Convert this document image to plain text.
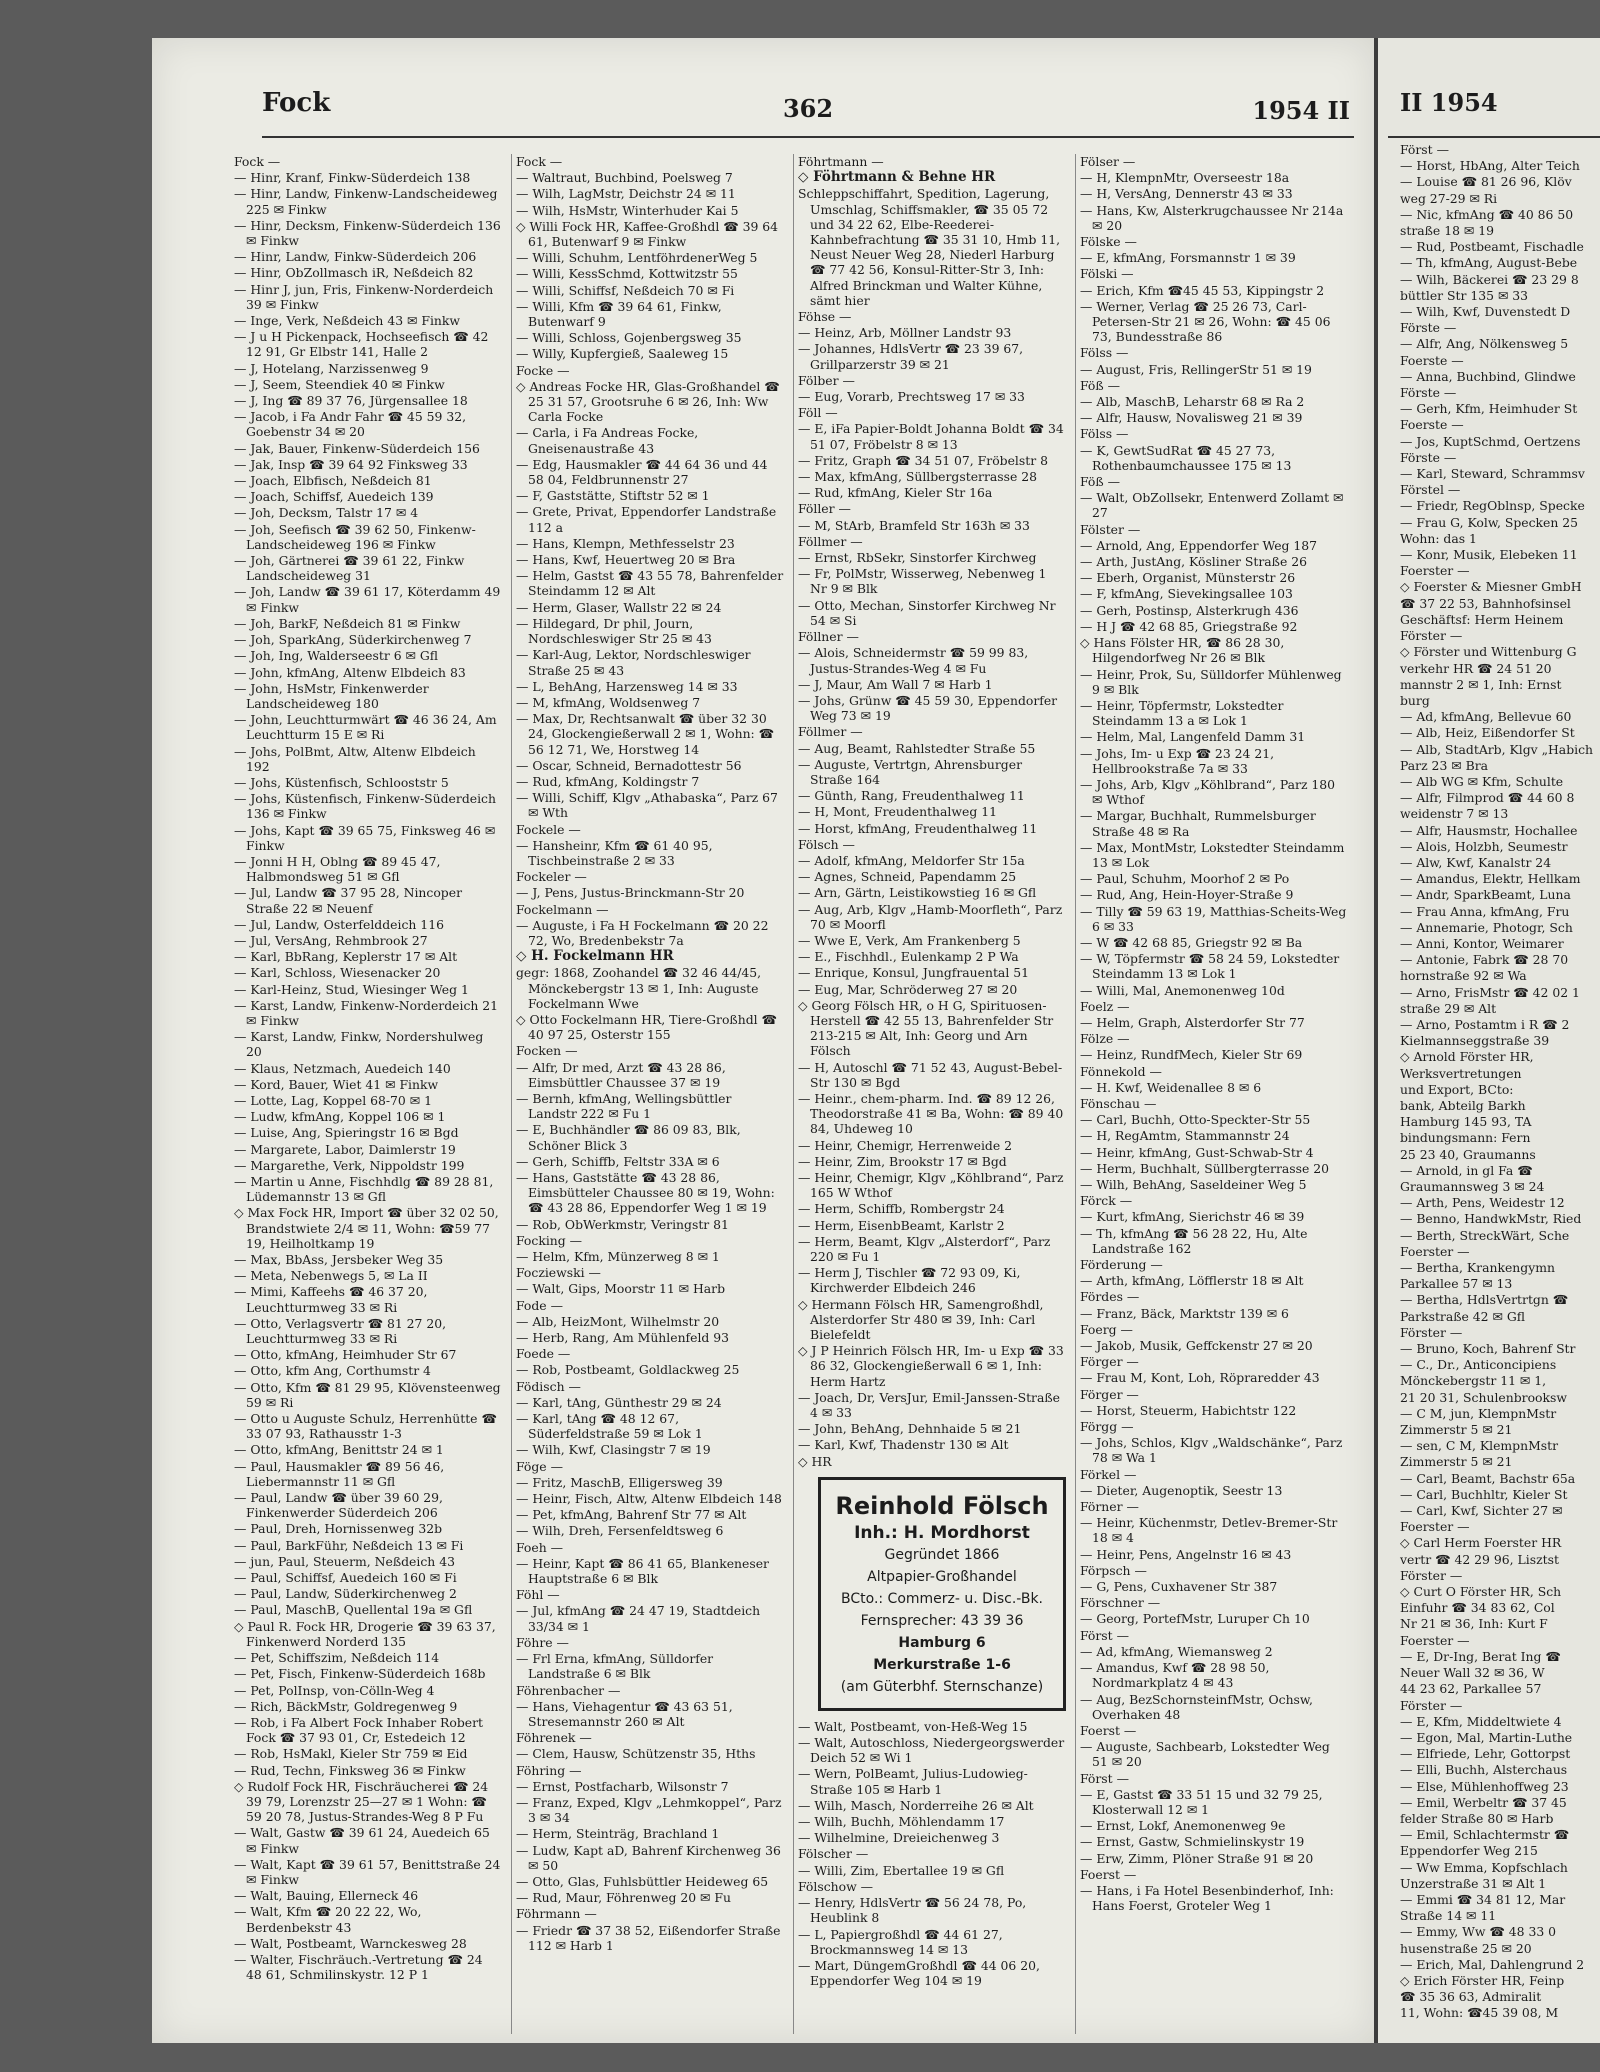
Fock	362	1954 II

Fock —

— Hinr, Kranf, Finkw-Süderdeich 138

— Hinr, Landw, Finkenw-Landscheideweg 225 ✉ Finkw

— Hinr, Decksm, Finkenw-Süderdeich 136 ✉ Finkw

— Hinr, Landw, Finkw-Süderdeich 206

— Hinr, ObZollmasch iR, Neßdeich 82

— Hinr J, jun, Fris, Finkenw-Norderdeich 39 ✉ Finkw

— Inge, Verk, Neßdeich 43 ✉ Finkw

— J u H Pickenpack, Hochseefisch ☎ 42 12 91, Gr Elbstr 141, Halle 2

— J, Hotelang, Narzissenweg 9

— J, Seem, Steendiek 40 ✉ Finkw

— J, Ing ☎ 89 37 76, Jürgensallee 18

— Jacob, i Fa Andr Fahr ☎ 45 59 32, Goebenstr 34 ✉ 20

— Jak, Bauer, Finkenw-Süderdeich 156

— Jak, Insp ☎ 39 64 92 Finksweg 33

— Joach, Elbfisch, Neßdeich 81

— Joach, Schiffsf, Auedeich 139

— Joh, Decksm, Talstr 17 ✉ 4

— Joh, Seefisch ☎ 39 62 50, Finkenw-Landscheideweg 196 ✉ Finkw

— Joh, Gärtnerei ☎ 39 61 22, Finkw Landscheideweg 31

— Joh, Landw ☎ 39 61 17, Köterdamm 49 ✉ Finkw

— Joh, BarkF, Neßdeich 81 ✉ Finkw

— Joh, SparkAng, Süderkirchenweg 7

— Joh, Ing, Walderseestr 6 ✉ Gfl

— John, kfmAng, Altenw Elbdeich 83

— John, HsMstr, Finkenwerder Landscheideweg 180

— John, Leuchtturmwärt ☎ 46 36 24, Am Leuchtturm 15 E ✉ Ri

— Johs, PolBmt, Altw, Altenw Elbdeich 192

— Johs, Küstenfisch, Schlooststr 5

— Johs, Küstenfisch, Finkenw-Süderdeich 136 ✉ Finkw

— Johs, Kapt ☎ 39 65 75, Finksweg 46 ✉ Finkw

— Jonni H H, Oblng ☎ 89 45 47, Halbmondsweg 51 ✉ Gfl

— Jul, Landw ☎ 37 95 28, Nincoper Straße 22 ✉ Neuenf

— Jul, Landw, Osterfelddeich 116

— Jul, VersAng, Rehmbrook 27

— Karl, BbRang, Keplerstr 17 ✉ Alt

— Karl, Schloss, Wiesenacker 20

— Karl-Heinz, Stud, Wiesinger Weg 1

— Karst, Landw, Finkenw-Norderdeich 21 ✉ Finkw

— Karst, Landw, Finkw, Nordershulweg 20

— Klaus, Netzmach, Auedeich 140

— Kord, Bauer, Wiet 41 ✉ Finkw

— Lotte, Lag, Koppel 68-70 ✉ 1

— Ludw, kfmAng, Koppel 106 ✉ 1

— Luise, Ang, Spieringstr 16 ✉ Bgd

— Margarete, Labor, Daimlerstr 19

— Margarethe, Verk, Nippoldstr 199

— Martin u Anne, Fischhdlg ☎ 89 28 81, Lüdemannstr 13 ✉ Gfl

◇ Max Fock HR, Import ☎ über 32 02 50, Brandstwiete 2/4 ✉ 11, Wohn: ☎59 77 19, Heilholtkamp 19

— Max, BbAss, Jersbeker Weg 35

— Meta, Nebenwegs 5, ✉ La II

— Mimi, Kaffeehs ☎ 46 37 20, Leuchtturmweg 33 ✉ Ri

— Otto, Verlagsvertr ☎ 81 27 20, Leuchtturmweg 33 ✉ Ri

— Otto, kfmAng, Heimhuder Str 67

— Otto, kfm Ang, Corthumstr 4

— Otto, Kfm ☎ 81 29 95, Klövensteenweg 59 ✉ Ri

— Otto u Auguste Schulz, Herrenhütte ☎ 33 07 93, Rathausstr 1-3

— Otto, kfmAng, Benittstr 24 ✉ 1

— Paul, Hausmakler ☎ 89 56 46, Liebermannstr 11 ✉ Gfl

— Paul, Landw ☎ über 39 60 29, Finkenwerder Süderdeich 206

— Paul, Dreh, Hornissenweg 32b

— Paul, BarkFühr, Neßdeich 13 ✉ Fi

— jun, Paul, Steuerm, Neßdeich 43

— Paul, Schiffsf, Auedeich 160 ✉ Fi

— Paul, Landw, Süderkirchenweg 2

— Paul, MaschB, Quellental 19a ✉ Gfl

◇ Paul R. Fock HR, Drogerie ☎ 39 63 37, Finkenwerd Norderd 135

— Pet, Schiffszim, Neßdeich 114

— Pet, Fisch, Finkenw-Süderdeich 168b

— Pet, PolInsp, von-Cölln-Weg 4

— Rich, BäckMstr, Goldregenweg 9

— Rob, i Fa Albert Fock Inhaber Robert Fock ☎ 37 93 01, Cr, Estedeich 12

— Rob, HsMakl, Kieler Str 759 ✉ Eid

— Rud, Techn, Finksweg 36 ✉ Finkw

◇ Rudolf Fock HR, Fischräucherei ☎ 24 39 79, Lorenzstr 25—27 ✉ 1 Wohn: ☎ 59 20 78, Justus-Strandes-Weg 8 P Fu

— Walt, Gastw ☎ 39 61 24, Auedeich 65 ✉ Finkw

— Walt, Kapt ☎ 39 61 57, Benittstraße 24 ✉ Finkw

— Walt, Bauing, Ellerneck 46

— Walt, Kfm ☎ 20 22 22, Wo, Berdenbekstr 43

— Walt, Postbeamt, Warnckesweg 28

— Walter, Fischräuch.-Vertretung ☎ 24 48 61, Schmilinskystr. 12 P 1

Fock —

— Waltraut, Buchbind, Poelsweg 7

— Wilh, LagMstr, Deichstr 24 ✉ 11

— Wilh, HsMstr, Winterhuder Kai 5

◇ Willi Fock HR, Kaffee-Großhdl ☎ 39 64 61, Butenwarf 9 ✉ Finkw

— Willi, Schuhm, LentföhrdenerWeg 5

— Willi, KessSchmd, Kottwitzstr 55

— Willi, Schiffsf, Neßdeich 70 ✉ Fi

— Willi, Kfm ☎ 39 64 61, Finkw, Butenwarf 9

— Willi, Schloss, Gojenbergsweg 35

— Willy, Kupfergieß, Saaleweg 15

Focke —

◇ Andreas Focke HR, Glas-Großhandel ☎ 25 31 57, Grootsruhe 6 ✉ 26, Inh: Ww Carla Focke

— Carla, i Fa Andreas Focke, Gneisenaustraße 43

— Edg, Hausmakler ☎ 44 64 36 und 44 58 04, Feldbrunnenstr 27

— F, Gaststätte, Stiftstr 52 ✉ 1

— Grete, Privat, Eppendorfer Landstraße 112 a

— Hans, Klempn, Methfesselstr 23

— Hans, Kwf, Heuertweg 20 ✉ Bra

— Helm, Gastst ☎ 43 55 78, Bahrenfelder Steindamm 12 ✉ Alt

— Herm, Glaser, Wallstr 22 ✉ 24

— Hildegard, Dr phil, Journ, Nordschleswiger Str 25 ✉ 43

— Karl-Aug, Lektor, Nordschleswiger Straße 25 ✉ 43

— L, BehAng, Harzensweg 14 ✉ 33

— M, kfmAng, Woldsenweg 7

— Max, Dr, Rechtsanwalt ☎ über 32 30 24, Glockengießerwall 2 ✉ 1, Wohn: ☎ 56 12 71, We, Horstweg 14

— Oscar, Schneid, Bernadottestr 56

— Rud, kfmAng, Koldingstr 7

— Willi, Schiff, Klgv „Athabaska“, Parz 67 ✉ Wth

Fockele —

— Hansheinr, Kfm ☎ 61 40 95, Tischbeinstraße 2 ✉ 33

Fockeler —

— J, Pens, Justus-Brinckmann-Str 20

Fockelmann —

— Auguste, i Fa H Fockelmann ☎ 20 22 72, Wo, Bredenbekstr 7a

◇ H. Fockelmann HR

gegr: 1868, Zoohandel ☎ 32 46 44/45, Mönckebergstr 13 ✉ 1, Inh: Auguste Fockelmann Wwe

◇ Otto Fockelmann HR, Tiere-Großhdl ☎ 40 97 25, Osterstr 155

Focken —

— Alfr, Dr med, Arzt ☎ 43 28 86, Eimsbüttler Chaussee 37 ✉ 19

— Bernh, kfmAng, Wellingsbüttler Landstr 222 ✉ Fu 1

— E, Buchhändler ☎ 86 09 83, Blk, Schöner Blick 3

— Gerh, Schiffb, Feltstr 33A ✉ 6

— Hans, Gaststätte ☎ 43 28 86, Eimsbütteler Chaussee 80 ✉ 19, Wohn: ☎ 43 28 86, Eppendorfer Weg 1 ✉ 19

— Rob, ObWerkmstr, Veringstr 81

Focking —

— Helm, Kfm, Münzerweg 8 ✉ 1

Focziewski —

— Walt, Gips, Moorstr 11 ✉ Harb

Fode —

— Alb, HeizMont, Wilhelmstr 20

— Herb, Rang, Am Mühlenfeld 93

Foede —

— Rob, Postbeamt, Goldlackweg 25

Födisch —

— Karl, tAng, Günthestr 29 ✉ 24

— Karl, tAng ☎ 48 12 67, Süderfeldstraße 59 ✉ Lok 1

— Wilh, Kwf, Clasingstr 7 ✉ 19

Föge —

— Fritz, MaschB, Elligersweg 39

— Heinr, Fisch, Altw, Altenw Elbdeich 148

— Pet, kfmAng, Bahrenf Str 77 ✉ Alt

— Wilh, Dreh, Fersenfeldtsweg 6

Foeh —

— Heinr, Kapt ☎ 86 41 65, Blankeneser Hauptstraße 6 ✉ Blk

Föhl —

— Jul, kfmAng ☎ 24 47 19, Stadtdeich 33/34 ✉ 1

Föhre —

— Frl Erna, kfmAng, Sülldorfer Landstraße 6 ✉ Blk

Föhrenbacher —

— Hans, Viehagentur ☎ 43 63 51, Stresemannstr 260 ✉ Alt

Föhrenek —

— Clem, Hausw, Schützenstr 35, Hths

Föhring —

— Ernst, Postfacharb, Wilsonstr 7

— Franz, Exped, Klgv „Lehmkoppel“, Parz 3 ✉ 34

— Herm, Steinträg, Brachland 1

— Ludw, Kapt aD, Bahrenf Kirchenweg 36 ✉ 50

— Otto, Glas, Fuhlsbüttler Heideweg 65

— Rud, Maur, Föhrenweg 20 ✉ Fu

Föhrmann —

— Friedr ☎ 37 38 52, Eißendorfer Straße 112 ✉ Harb 1

Föhrtmann —

◇ Föhrtmann & Behne HR

Schleppschiffahrt, Spedition, Lagerung, Umschlag, Schiffsmakler, ☎ 35 05 72 und 34 22 62, Elbe-Reederei-Kahnbefrachtung ☎ 35 31 10, Hmb 11, Neust Neuer Weg 28, Niederl Harburg ☎ 77 42 56, Konsul-Ritter-Str 3, Inh: Alfred Brinckman und Walter Kühne, sämt hier

Föhse —

— Heinz, Arb, Möllner Landstr 93

— Johannes, HdlsVertr ☎ 23 39 67, Grillparzerstr 39 ✉ 21

Fölber —

— Eug, Vorarb, Prechtsweg 17 ✉ 33

Föll —

— E, iFa Papier-Boldt Johanna Boldt ☎ 34 51 07, Fröbelstr 8 ✉ 13

— Fritz, Graph ☎ 34 51 07, Fröbelstr 8

— Max, kfmAng, Süllbergsterrasse 28

— Rud, kfmAng, Kieler Str 16a

Föller —

— M, StArb, Bramfeld Str 163h ✉ 33

Föllmer —

— Ernst, RbSekr, Sinstorfer Kirchweg

— Fr, PolMstr, Wisserweg, Nebenweg 1 Nr 9 ✉ Blk

— Otto, Mechan, Sinstorfer Kirchweg Nr 54 ✉ Si

Föllner —

— Alois, Schneidermstr ☎ 59 99 83, Justus-Strandes-Weg 4 ✉ Fu

— J, Maur, Am Wall 7 ✉ Harb 1

— Johs, Grünw ☎ 45 59 30, Eppendorfer Weg 73 ✉ 19

Föllmer —

— Aug, Beamt, Rahlstedter Straße 55

— Auguste, Vertrtgn, Ahrensburger Straße 164

— Günth, Rang, Freudenthalweg 11

— H, Mont, Freudenthalweg 11

— Horst, kfmAng, Freudenthalweg 11

Fölsch —

— Adolf, kfmAng, Meldorfer Str 15a

— Agnes, Schneid, Papendamm 25

— Arn, Gärtn, Leistikowstieg 16 ✉ Gfl

— Aug, Arb, Klgv „Hamb-Moorfleth“, Parz 70 ✉ Moorfl

— Wwe E, Verk, Am Frankenberg 5

— E., Fischhdl., Eulenkamp 2 P Wa

— Enrique, Konsul, Jungfrauental 51

— Eug, Mar, Schröderweg 27 ✉ 20

◇ Georg Fölsch HR, o H G, Spirituosen-Herstell ☎ 42 55 13, Bahrenfelder Str 213-215 ✉ Alt, Inh: Georg und Arn Fölsch

— H, Autoschl ☎ 71 52 43, August-Bebel-Str 130 ✉ Bgd

— Heinr., chem-pharm. Ind. ☎ 89 12 26, Theodorstraße 41 ✉ Ba, Wohn: ☎ 89 40 84, Uhdeweg 10

— Heinr, Chemigr, Herrenweide 2

— Heinr, Zim, Brookstr 17 ✉ Bgd

— Heinr, Chemigr, Klgv „Köhlbrand“, Parz 165 W Wthof

— Herm, Schiffb, Rombergstr 24

— Herm, EisenbBeamt, Karlstr 2

— Herm, Beamt, Klgv „Alsterdorf“, Parz 220 ✉ Fu 1

— Herm J, Tischler ☎ 72 93 09, Ki, Kirchwerder Elbdeich 246

◇ Hermann Fölsch HR, Samengroßhdl, Alsterdorfer Str 480 ✉ 39, Inh: Carl Bielefeldt

◇ J P Heinrich Fölsch HR, Im- u Exp ☎ 33 86 32, Glockengießerwall 6 ✉ 1, Inh: Herm Hartz

— Joach, Dr, VersJur, Emil-Janssen-Straße 4 ✉ 33

— John, BehAng, Dehnhaide 5 ✉ 21

— Karl, Kwf, Thadenstr 130 ✉ Alt

◇ HR

Reinhold Fölsch
Inh.: H. Mordhorst
Gegründet 1866
Altpapier-Großhandel
BCto.: Commerz- u. Disc.-Bk.
Fernsprecher: 43 39 36
Hamburg 6
Merkurstraße 1-6
(am Güterbhf. Sternschanze)

— Walt, Postbeamt, von-Heß-Weg 15

— Walt, Autoschloss, Niedergeorgswerder Deich 52 ✉ Wi 1

— Wern, PolBeamt, Julius-Ludowieg-Straße 105 ✉ Harb 1

— Wilh, Masch, Norderreihe 26 ✉ Alt

— Wilh, Buchh, Möhlendamm 17

— Wilhelmine, Dreieichenweg 3

Fölscher —

— Willi, Zim, Ebertallee 19 ✉ Gfl

Fölschow —

— Henry, HdlsVertr ☎ 56 24 78, Po, Heublink 8

— L, Papiergroßhdl ☎ 44 61 27, Brockmannsweg 14 ✉ 13

— Mart, DüngemGroßhdl ☎ 44 06 20, Eppendorfer Weg 104 ✉ 19

Fölser —

— H, KlempnMtr, Overseestr 18a

— H, VersAng, Dennerstr 43 ✉ 33

— Hans, Kw, Alsterkrugchaussee Nr 214a ✉ 20

Fölske —

— E, kfmAng, Forsmannstr 1 ✉ 39

Fölski —

— Erich, Kfm ☎45 45 53, Kippingstr 2

— Werner, Verlag ☎ 25 26 73, Carl-Petersen-Str 21 ✉ 26, Wohn: ☎ 45 06 73, Bundesstraße 86

Fölss —

— August, Fris, RellingerStr 51 ✉ 19

Föß —

— Alb, MaschB, Leharstr 68 ✉ Ra 2

— Alfr, Hausw, Novalisweg 21 ✉ 39

Fölss —

— K, GewtSudRat ☎ 45 27 73, Rothenbaumchaussee 175 ✉ 13

Föß —

— Walt, ObZollsekr, Entenwerd Zollamt ✉ 27

Fölster —

— Arnold, Ang, Eppendorfer Weg 187

— Arth, JustAng, Kösliner Straße 26

— Eberh, Organist, Münsterstr 26

— F, kfmAng, Sievekingsallee 103

— Gerh, Postinsp, Alsterkrugh 436

— H J ☎ 42 68 85, Griegstraße 92

◇ Hans Fölster HR, ☎ 86 28 30, Hilgendorfweg Nr 26 ✉ Blk

— Heinr, Prok, Su, Sülldorfer Mühlenweg 9 ✉ Blk

— Heinr, Töpfermstr, Lokstedter Steindamm 13 a ✉ Lok 1

— Helm, Mal, Langenfeld Damm 31

— Johs, Im- u Exp ☎ 23 24 21, Hellbrookstraße 7a ✉ 33

— Johs, Arb, Klgv „Köhlbrand“, Parz 180 ✉ Wthof

— Margar, Buchhalt, Rummelsburger Straße 48 ✉ Ra

— Max, MontMstr, Lokstedter Steindamm 13 ✉ Lok

— Paul, Schuhm, Moorhof 2 ✉ Po

— Rud, Ang, Hein-Hoyer-Straße 9

— Tilly ☎ 59 63 19, Matthias-Scheits-Weg 6 ✉ 33

— W ☎ 42 68 85, Griegstr 92 ✉ Ba

— W, Töpfermstr ☎ 58 24 59, Lokstedter Steindamm 13 ✉ Lok 1

— Willi, Mal, Anemonenweg 10d

Foelz —

— Helm, Graph, Alsterdorfer Str 77

Fölze —

— Heinz, RundfMech, Kieler Str 69

Fönnekold —

— H. Kwf, Weidenallee 8 ✉ 6

Fönschau —

— Carl, Buchh, Otto-Speckter-Str 55

— H, RegAmtm, Stammannstr 24

— Heinr, kfmAng, Gust-Schwab-Str 4

— Herm, Buchhalt, Süllbergterrasse 20

— Wilh, BehAng, Saseldeiner Weg 5

Förck —

— Kurt, kfmAng, Sierichstr 46 ✉ 39

— Th, kfmAng ☎ 56 28 22, Hu, Alte Landstraße 162

Förderung —

— Arth, kfmAng, Löfflerstr 18 ✉ Alt

Fördes —

— Franz, Bäck, Marktstr 139 ✉ 6

Foerg —

— Jakob, Musik, Geffckenstr 27 ✉ 20

Förger —

— Frau M, Kont, Loh, Röpraredder 43

Förger —

— Horst, Steuerm, Habichtstr 122

Förgg —

— Johs, Schlos, Klgv „Waldschänke“, Parz 78 ✉ Wa 1

Förkel —

— Dieter, Augenoptik, Seestr 13

Förner —

— Heinr, Küchenmstr, Detlev-Bremer-Str 18 ✉ 4

— Heinr, Pens, Angelnstr 16 ✉ 43

Förpsch —

— G, Pens, Cuxhavener Str 387

Förschner —

— Georg, PortefMstr, Luruper Ch 10

Först —

— Ad, kfmAng, Wiemansweg 2

— Amandus, Kwf ☎ 28 98 50, Nordmarkplatz 4 ✉ 43

— Aug, BezSchornsteinfMstr, Ochsw, Overhaken 48

Foerst —

— Auguste, Sachbearb, Lokstedter Weg 51 ✉ 20

Först —

— E, Gastst ☎ 33 51 15 und 32 79 25, Klosterwall 12 ✉ 1

— Ernst, Lokf, Anemonenweg 9e

— Ernst, Gastw, Schmielinskystr 19

— Erw, Zimm, Plöner Straße 91 ✉ 20

Foerst —

— Hans, i Fa Hotel Besenbinderhof, Inh: Hans Foerst, Groteler Weg 1

II 1954

Först —

— Horst, HbAng, Alter Teich

— Louise ☎ 81 26 96, Klöv

weg 27-29 ✉ Ri

— Nic, kfmAng ☎ 40 86 50

straße 18 ✉ 19

— Rud, Postbeamt, Fischadle

— Th, kfmAng, August-Bebe

— Wilh, Bäckerei ☎ 23 29 8

büttler Str 135 ✉ 33

— Wilh, Kwf, Duvenstedt D

Förste —

— Alfr, Ang, Nölkensweg 5

Foerste —

— Anna, Buchbind, Glindwe

Förste —

— Gerh, Kfm, Heimhuder St

Foerste —

— Jos, KuptSchmd, Oertzens

Förste —

— Karl, Steward, Schrammsv

Förstel —

— Friedr, RegOblnsp, Specke

— Frau G, Kolw, Specken 25

Wohn: das 1

— Konr, Musik, Elebeken 11

Foerster —

◇ Foerster & Miesner GmbH

☎ 37 22 53, Bahnhofsinsel

Geschäftsf: Herm Heinem

Förster —

◇ Förster und Wittenburg G

verkehr HR ☎ 24 51 20

mannstr 2 ✉ 1, Inh: Ernst

burg

— Ad, kfmAng, Bellevue 60

— Alb, Heiz, Eißendorfer St

— Alb, StadtArb, Klgv „Habich

Parz 23 ✉ Bra

— Alb WG ✉ Kfm, Schulte

— Alfr, Filmprod ☎ 44 60 8

weidenstr 7 ✉ 13

— Alfr, Hausmstr, Hochallee

— Alois, Holzbh, Seumestr

— Alw, Kwf, Kanalstr 24

— Amandus, Elektr, Hellkam

— Andr, SparkBeamt, Luna

— Frau Anna, kfmAng, Fru

— Annemarie, Photogr, Sch

— Anni, Kontor, Weimarer

— Antonie, Fabrk ☎ 28 70

hornstraße 92 ✉ Wa

— Arno, FrisMstr ☎ 42 02 1

straße 29 ✉ Alt

— Arno, Postamtm i R ☎ 2

Kielmannseggstraße 39

◇ Arnold Förster HR,

Werksvertretungen

und Export, BCto:

bank, Abteilg Barkh

Hamburg 145 93, TA

bindungsmann: Fern

25 23 40, Graumanns

— Arnold, in gl Fa ☎

Graumannsweg 3 ✉ 24

— Arth, Pens, Weidestr 12

— Benno, HandwkMstr, Ried

— Berth, StreckWärt, Sche

Foerster —

— Bertha, Krankengymn

Parkallee 57 ✉ 13

— Bertha, HdlsVertrtgn ☎

Parkstraße 42 ✉ Gfl

Förster —

— Bruno, Koch, Bahrenf Str

— C., Dr., Anticoncipiens

Mönckebergstr 11 ✉ 1,

21 20 31, Schulenbrooksw

— C M, jun, KlempnMstr

Zimmerstr 5 ✉ 21

— sen, C M, KlempnMstr

Zimmerstr 5 ✉ 21

— Carl, Beamt, Bachstr 65a

— Carl, Buchhltr, Kieler St

— Carl, Kwf, Sichter 27 ✉

Foerster —

◇ Carl Herm Foerster HR

vertr ☎ 42 29 96, Lisztst

Förster —

◇ Curt O Förster HR, Sch

Einfuhr ☎ 34 83 62, Col

Nr 21 ✉ 36, Inh: Kurt F

Foerster —

— E, Dr-Ing, Berat Ing ☎

Neuer Wall 32 ✉ 36, W

44 23 62, Parkallee 57

Förster —

— E, Kfm, Middeltwiete 4

— Egon, Mal, Martin-Luthe

— Elfriede, Lehr, Gottorpst

— Elli, Buchh, Alsterchaus

— Else, Mühlenhoffweg 23

— Emil, Werbeltr ☎ 37 45

felder Straße 80 ✉ Harb

— Emil, Schlachtermstr ☎

Eppendorfer Weg 215

— Ww Emma, Kopfschlach

Unzerstraße 31 ✉ Alt 1

— Emmi ☎ 34 81 12, Mar

Straße 14 ✉ 11

— Emmy, Ww ☎ 48 33 0

husenstraße 25 ✉ 20

— Erich, Mal, Dahlengrund 2

◇ Erich Förster HR, Feinp

☎ 35 36 63, Admiralit

11, Wohn: ☎45 39 08, M
